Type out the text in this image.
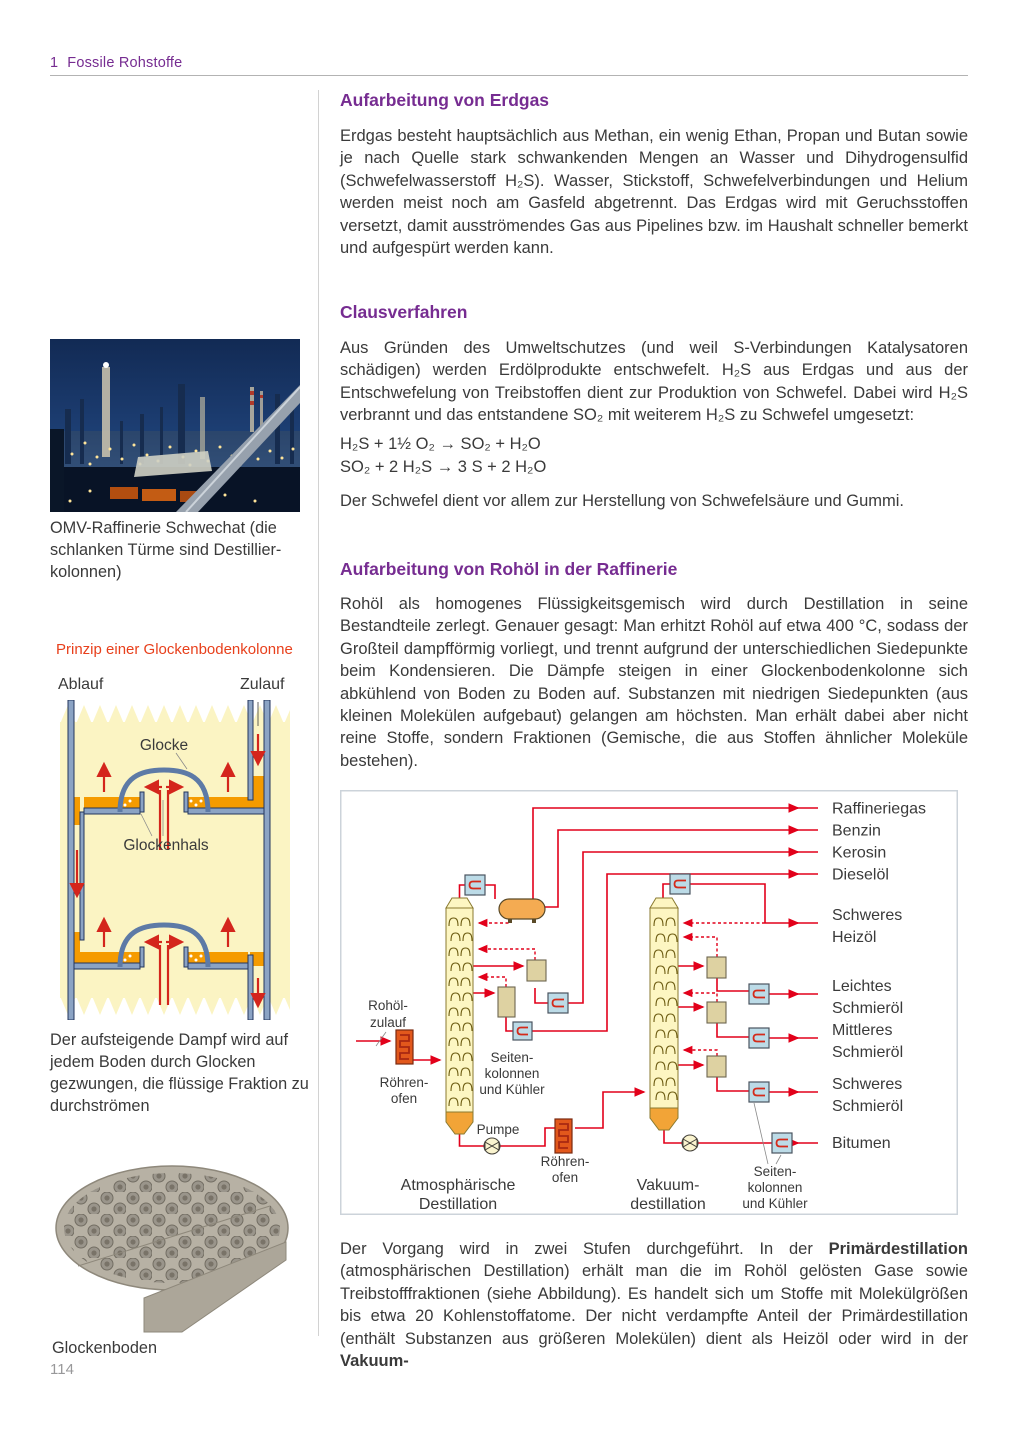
1 Fossile Rohstoffe
OMV-Raffinerie Schwechat (die schlanken Türme sind Destillierkolonnen)
Prinzip einer Glockenbodenkolonne
Ablauf	Zulauf
Glocke
Glockenhals
Der aufsteigende Dampf wird auf jedem Boden durch Glocken gezwungen, die flüssige Fraktion zu durchströmen
Glockenboden
114
Aufarbeitung von Erdgas
Erdgas besteht hauptsächlich aus Methan, ein wenig Ethan, Propan und Butan sowie je nach Quelle stark schwankenden Mengen an Wasser und Dihydrogensulfid (Schwefelwasserstoff H₂S). Wasser, Stickstoff, Schwefelverbindungen und Helium werden meist noch am Gasfeld abgetrennt. Das Erdgas wird mit Geruchsstoffen versetzt, damit ausströmendes Gas aus Pipelines bzw. im Haushalt schneller bemerkt und aufgespürt werden kann.
Clausverfahren
Aus Gründen des Umweltschutzes (und weil S-Verbindungen Katalysatoren schädigen) werden Erdölprodukte entschwefelt. H₂S aus Erdgas und aus der Entschwefelung von Treibstoffen dient zur Produktion von Schwefel. Dabei wird H₂S verbrannt und das entstandene SO₂ mit weiterem H₂S zu Schwefel umgesetzt:
H₂S + 1½ O₂ → SO₂ + H₂O
SO₂ + 2 H₂S → 3 S + 2 H₂O
Der Schwefel dient vor allem zur Herstellung von Schwefelsäure und Gummi.
Aufarbeitung von Rohöl in der Raffinerie
Rohöl als homogenes Flüssigkeitsgemisch wird durch Destillation in seine Bestandteile zerlegt. Genauer gesagt: Man erhitzt Rohöl auf etwa 400 °C, sodass der Großteil dampfförmig vorliegt, und trennt aufgrund der unterschiedlichen Siedepunkte beim Kondensieren. Die Dämpfe steigen in einer Glockenbodenkolonne sich abkühlend von Boden zu Boden auf. Substanzen mit niedrigen Siedepunkten (aus kleinen Molekülen aufgebaut) gelangen am höchsten. Man erhält dabei aber nicht reine Stoffe, sondern Fraktionen (Gemische, die aus Stoffen ähnlicher Moleküle bestehen).
Raffineriegas
Benzin
Kerosin
Dieselöl
Schweres
Heizöl
Leichtes
Schmieröl
Mittleres
Schmieröl
Schweres
Schmieröl
Bitumen
Rohöl-
zulauf
Röhren-
ofen
Pumpe
Röhren-
ofen
Seiten-
kolonnen
und Kühler
Seiten-
kolonnen
und Kühler
Atmosphärische
Destillation
Vakuum-
destillation
Der Vorgang wird in zwei Stufen durchgeführt. In der Primärdestillation (atmosphärischen Destillation) erhält man die im Rohöl gelösten Gase sowie Treibstofffraktionen (siehe Abbildung). Es handelt sich um Stoffe mit Molekülgrößen bis etwa 20 Kohlenstoffatome. Der nicht verdampfte Anteil der Primärdestillation (enthält Substanzen aus größeren Molekülen) dient als Heizöl oder wird in der Vakuum-
